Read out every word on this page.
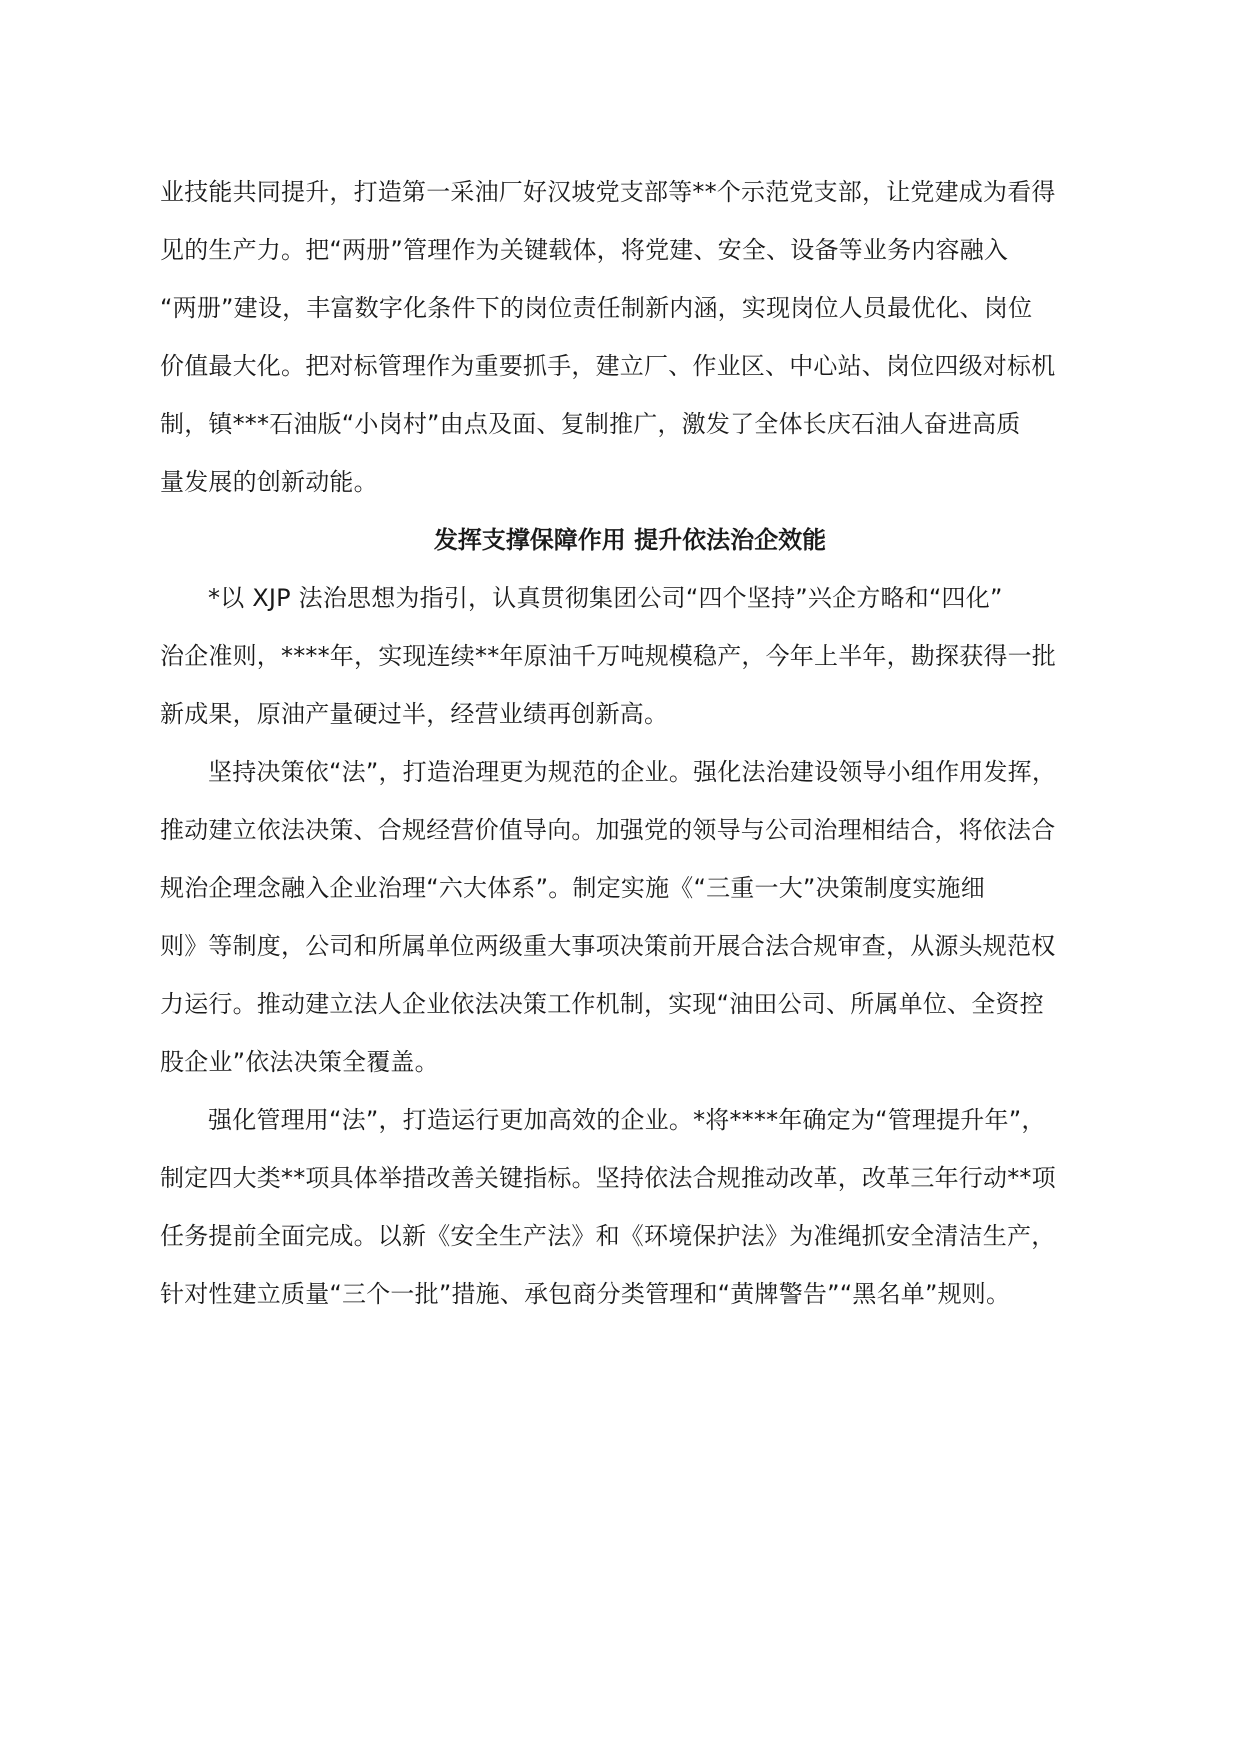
业技能共同提升，打造第一采油厂好汉坡党支部等**个示范党支部，让党建成为看得
见的生产力。把“两册”管理作为关键载体，将党建、安全、设备等业务内容融入
“两册”建设，丰富数字化条件下的岗位责任制新内涵，实现岗位人员最优化、岗位
价值最大化。把对标管理作为重要抓手，建立厂、作业区、中心站、岗位四级对标机
制，镇***石油版“小岗村”由点及面、复制推广，激发了全体长庆石油人奋进高质
量发展的创新动能。
发挥支撑保障作用 提升依法治企效能
*以 XJP 法治思想为指引，认真贯彻集团公司“四个坚持”兴企方略和“四化”
治企准则，****年，实现连续**年原油千万吨规模稳产，今年上半年，勘探获得一批
新成果，原油产量硬过半，经营业绩再创新高。
坚持决策依“法”，打造治理更为规范的企业。强化法治建设领导小组作用发挥，
推动建立依法决策、合规经营价值导向。加强党的领导与公司治理相结合，将依法合
规治企理念融入企业治理“六大体系”。制定实施《“三重一大”决策制度实施细
则》等制度，公司和所属单位两级重大事项决策前开展合法合规审查，从源头规范权
力运行。推动建立法人企业依法决策工作机制，实现“油田公司、所属单位、全资控
股企业”依法决策全覆盖。
强化管理用“法”，打造运行更加高效的企业。*将****年确定为“管理提升年”，
制定四大类**项具体举措改善关键指标。坚持依法合规推动改革，改革三年行动**项
任务提前全面完成。以新《安全生产法》和《环境保护法》为准绳抓安全清洁生产，
针对性建立质量“三个一批”措施、承包商分类管理和“黄牌警告”“黑名单”规则。
